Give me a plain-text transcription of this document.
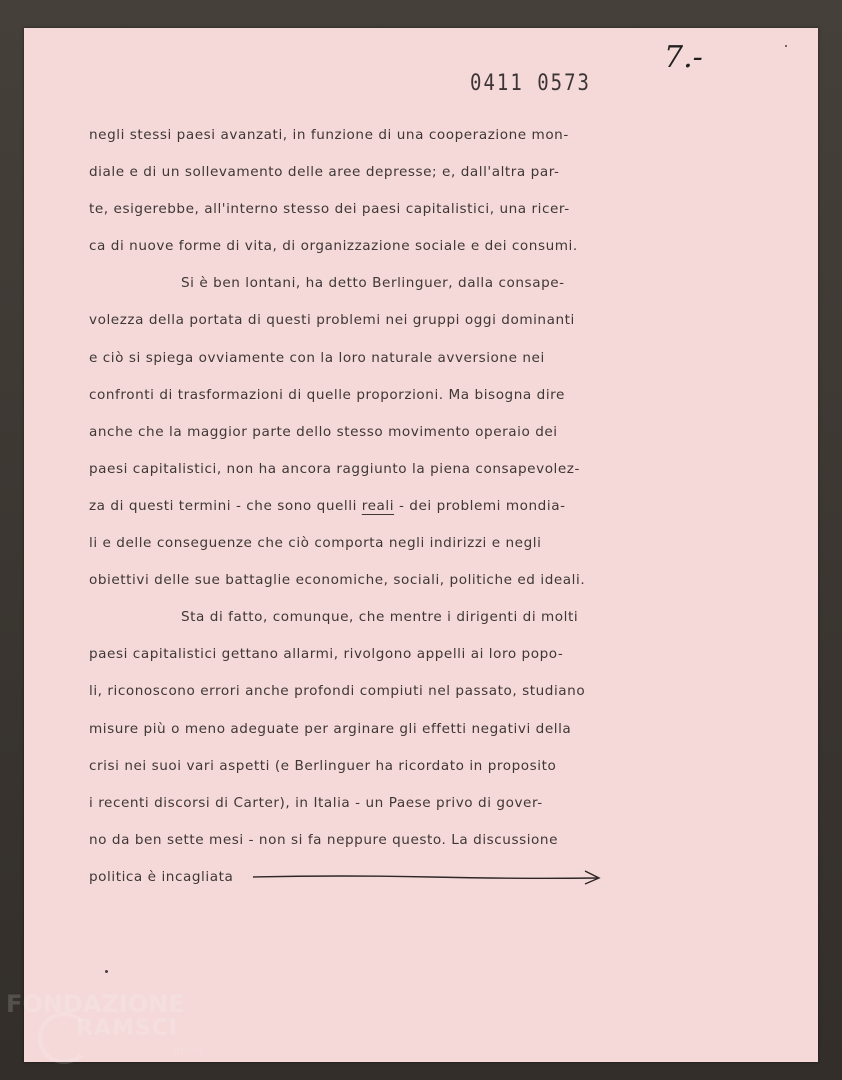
0411 0573
7.-
negli stessi paesi avanzati, in funzione di una cooperazione mon-
diale e di un sollevamento delle aree depresse; e, dall'altra par-
te, esigerebbe, all'interno stesso dei paesi capitalistici, una ricer-
ca di nuove forme di vita, di organizzazione sociale e dei consumi.
Si è ben lontani, ha detto Berlinguer, dalla consape-
volezza della portata di questi problemi nei gruppi oggi dominanti
e ciò si spiega ovviamente con la loro naturale avversione nei
confronti di trasformazioni di quelle proporzioni. Ma bisogna dire
anche che la maggior parte dello stesso movimento operaio dei
paesi capitalistici, non ha ancora raggiunto la piena consapevolez-
za di questi termini - che sono quelli reali - dei problemi mondia-
li e delle conseguenze che ciò comporta negli indirizzi e negli
obiettivi delle sue battaglie economiche, sociali, politiche ed ideali.
Sta di fatto, comunque, che mentre i dirigenti di molti
paesi capitalistici gettano allarmi, rivolgono appelli ai loro popo-
li, riconoscono errori anche profondi compiuti nel passato, studiano
misure più o meno adeguate per arginare gli effetti negativi della
crisi nei suoi vari aspetti (e Berlinguer ha ricordato in proposito
i recenti discorsi di Carter), in Italia - un Paese privo di gover-
no da ben sette mesi - non si fa neppure questo. La discussione
politica è incagliata
FONDAZIONE
RAMSCI
onlus
